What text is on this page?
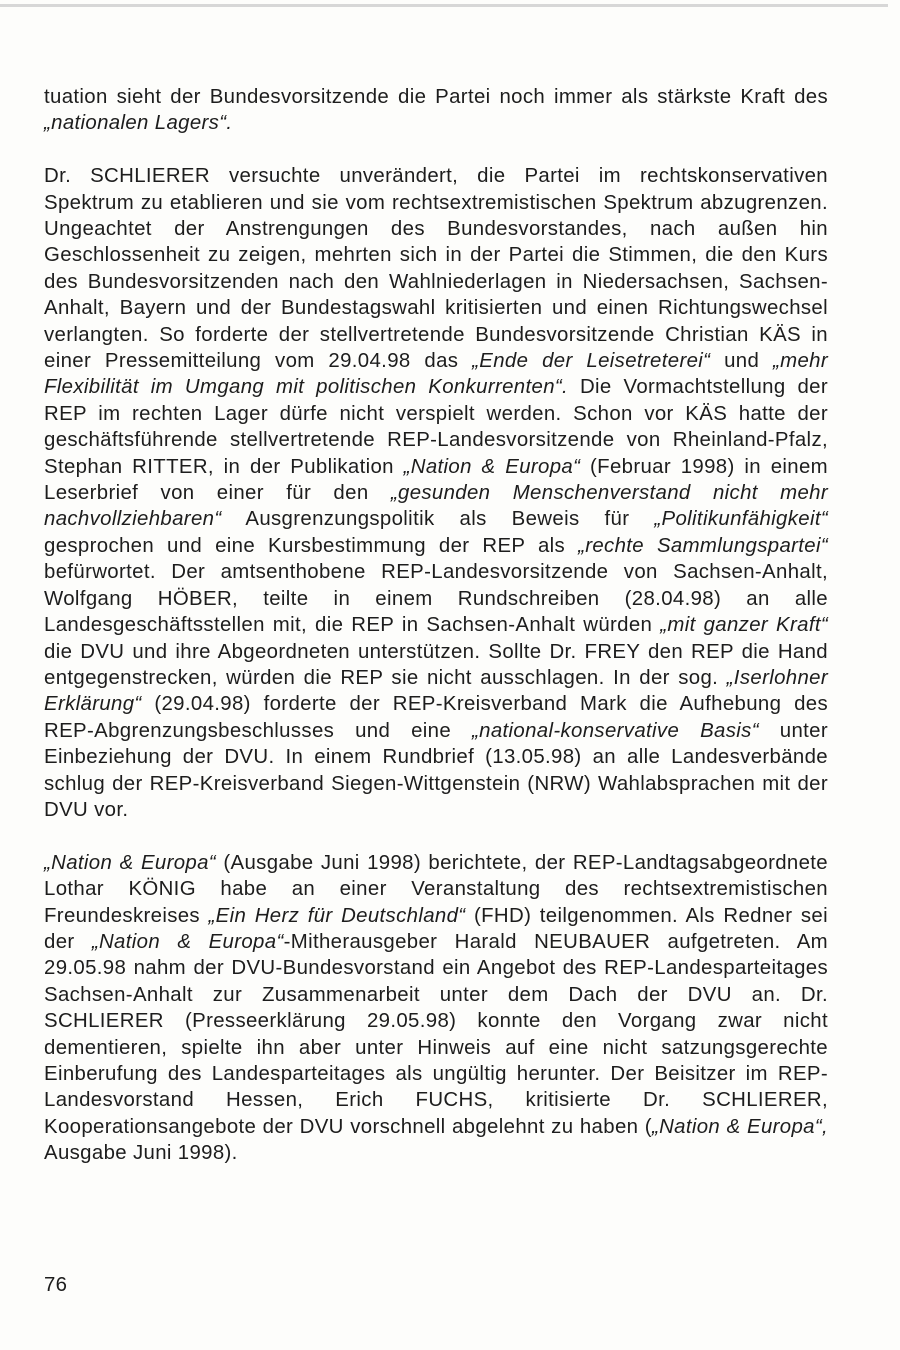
tuation sieht der Bundesvorsitzende die Partei noch immer als stärkste Kraft des „nationalen Lagers“.

Dr. SCHLIERER versuchte unverändert, die Partei im rechtskonservativen Spektrum zu etablieren und sie vom rechtsextremistischen Spektrum abzugrenzen. Ungeachtet der Anstrengungen des Bundesvorstandes, nach außen hin Geschlossenheit zu zeigen, mehrten sich in der Partei die Stimmen, die den Kurs des Bundesvorsitzenden nach den Wahlniederlagen in Niedersachsen, Sachsen-Anhalt, Bayern und der Bundestagswahl kritisierten und einen Richtungswechsel verlangten. So forderte der stellvertretende Bundesvorsitzende Christian KÄS in einer Pressemitteilung vom 29.04.98 das „Ende der Leisetreterei“ und „mehr Flexibilität im Umgang mit politischen Konkurrenten“. Die Vormachtstellung der REP im rechten Lager dürfe nicht verspielt werden. Schon vor KÄS hatte der geschäftsführende stellvertretende REP-Landesvorsitzende von Rheinland-Pfalz, Stephan RITTER, in der Publikation „Nation & Europa“ (Februar 1998) in einem Leserbrief von einer für den „gesunden Menschenverstand nicht mehr nachvollziehbaren“ Ausgrenzungspolitik als Beweis für „Politikunfähigkeit“ gesprochen und eine Kursbestimmung der REP als „rechte Sammlungspartei“ befürwortet. Der amtsenthobene REP-Landesvorsitzende von Sachsen-Anhalt, Wolfgang HÖBER, teilte in einem Rundschreiben (28.04.98) an alle Landesgeschäftsstellen mit, die REP in Sachsen-Anhalt würden „mit ganzer Kraft“ die DVU und ihre Abgeordneten unterstützen. Sollte Dr. FREY den REP die Hand entgegenstrecken, würden die REP sie nicht ausschlagen. In der sog. „Iserlohner Erklärung“ (29.04.98) forderte der REP-Kreisverband Mark die Aufhebung des REP-Abgrenzungsbeschlusses und eine „national-konservative Basis“ unter Einbeziehung der DVU. In einem Rundbrief (13.05.98) an alle Landesverbände schlug der REP-Kreisverband Siegen-Wittgenstein (NRW) Wahlabsprachen mit der DVU vor.

„Nation & Europa“ (Ausgabe Juni 1998) berichtete, der REP-Landtagsabgeordnete Lothar KÖNIG habe an einer Veranstaltung des rechtsextremistischen Freundeskreises „Ein Herz für Deutschland“ (FHD) teilgenommen. Als Redner sei der „Nation & Europa“-Mitherausgeber Harald NEUBAUER aufgetreten. Am 29.05.98 nahm der DVU-Bundesvorstand ein Angebot des REP-Landesparteitages Sachsen-Anhalt zur Zusammenarbeit unter dem Dach der DVU an. Dr. SCHLIERER (Presseerklärung 29.05.98) konnte den Vorgang zwar nicht dementieren, spielte ihn aber unter Hinweis auf eine nicht satzungsgerechte Einberufung des Landesparteitages als ungültig herunter. Der Beisitzer im REP-Landesvorstand Hessen, Erich FUCHS, kritisierte Dr. SCHLIERER, Kooperationsangebote der DVU vorschnell abgelehnt zu haben („Nation & Europa“, Ausgabe Juni 1998).

76
